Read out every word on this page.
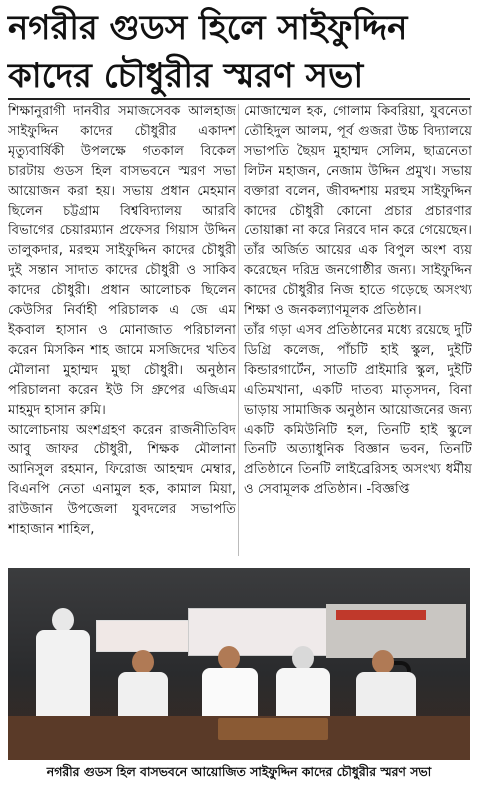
নগরীর গুডস হিলে সাইফুদ্দিন
কাদের চৌধুরীর স্মরণ সভা

শিক্ষানুরাগী দানবীর সমাজসেবক আলহাজ সাইফুদ্দিন কাদের চৌধুরীর একাদশ মৃত্যুবার্ষিকী উপলক্ষে গতকাল বিকেল চারটায় গুডস হিল বাসভবনে স্মরণ সভা আয়োজন করা হয়। সভায় প্রধান মেহমান ছিলেন চট্টগ্রাম বিশ্ববিদ্যালয় আরবি বিভাগের চেয়ারম্যান প্রফেসর গিয়াস উদ্দিন তালুকদার, মরহুম সাইফুদ্দিন কাদের চৌধুরী দুই সন্তান সাদাত কাদের চৌধুরী ও সাকিব কাদের চৌধুরী। প্রধান আলোচক ছিলেন কেউসির নির্বাহী পরিচালক এ জে এম ইকবাল হাসান ও মোনাজাত পরিচালনা করেন মিসকিন শাহ জামে মসজিদের খতিব মৌলানা মুহাম্মদ মুছা চৌধুরী। অনুষ্ঠান পরিচালনা করেন ইউ সি গ্রুপের এজিএম মাহমুদ হাসান রুমি।

আলোচনায় অংশগ্রহণ করেন রাজনীতিবিদ আবু জাফর চৌধুরী, শিক্ষক মৌলানা আনিসুল রহমান, ফিরোজ আহম্মদ মেম্বার, বিএনপি নেতা এনামুল হক, কামাল মিয়া, রাউজান উপজেলা যুবদলের সভাপতি শাহাজান শাহিল,

মোজাম্মেল হক, গোলাম কিবরিয়া, যুবনেতা তৌহিদুল আলম, পূর্ব গুজরা উচ্চ বিদ্যালয়ে সভাপতি ছৈয়দ মুহাম্মদ সেলিম, ছাত্রনেতা লিটন মহাজন, নেজাম উদ্দিন প্রমুখ। সভায় বক্তারা বলেন, জীবদ্দশায় মরহুম সাইফুদ্দিন কাদের চৌধুরী কোনো প্রচার প্রচারণার তোয়াক্কা না করে নিরবে দান করে গেয়েছেন। তাঁর অর্জিত আয়ের এক বিপুল অংশ ব্যয় করেছেন দরিদ্র জনগোষ্ঠীর জন্য। সাইফুদ্দিন কাদের চৌধুরীর নিজ হাতে গড়েছে অসংখ্য শিক্ষা ও জনকল্যাণমূলক প্রতিষ্ঠান।

তাঁর গড়া এসব প্রতিষ্ঠানের মধ্যে রয়েছে দুটি ডিগ্রি কলেজ, পাঁচটি হাই স্কুল, দুইটি কিন্ডারগার্টেন, সাতটি প্রাইমারি স্কুল, দুইটি এতিমখানা, একটি দাতব্য মাতৃসদন, বিনা ভাড়ায় সামাজিক অনুষ্ঠান আয়োজনের জন্য একটি কমিউনিটি হল, তিনটি হাই স্কুলে তিনটি অত্যাধুনিক বিজ্ঞান ভবন, তিনটি প্রতিষ্ঠানে তিনটি লাইব্রেরিসহ অসংখ্য ধর্মীয় ও সেবামূলক প্রতিষ্ঠান। -বিজ্ঞপ্তি

নগরীর গুডস হিল বাসভবনে আয়োজিত সাইফুদ্দিন কাদের চৌধুরীর স্মরণ সভা
